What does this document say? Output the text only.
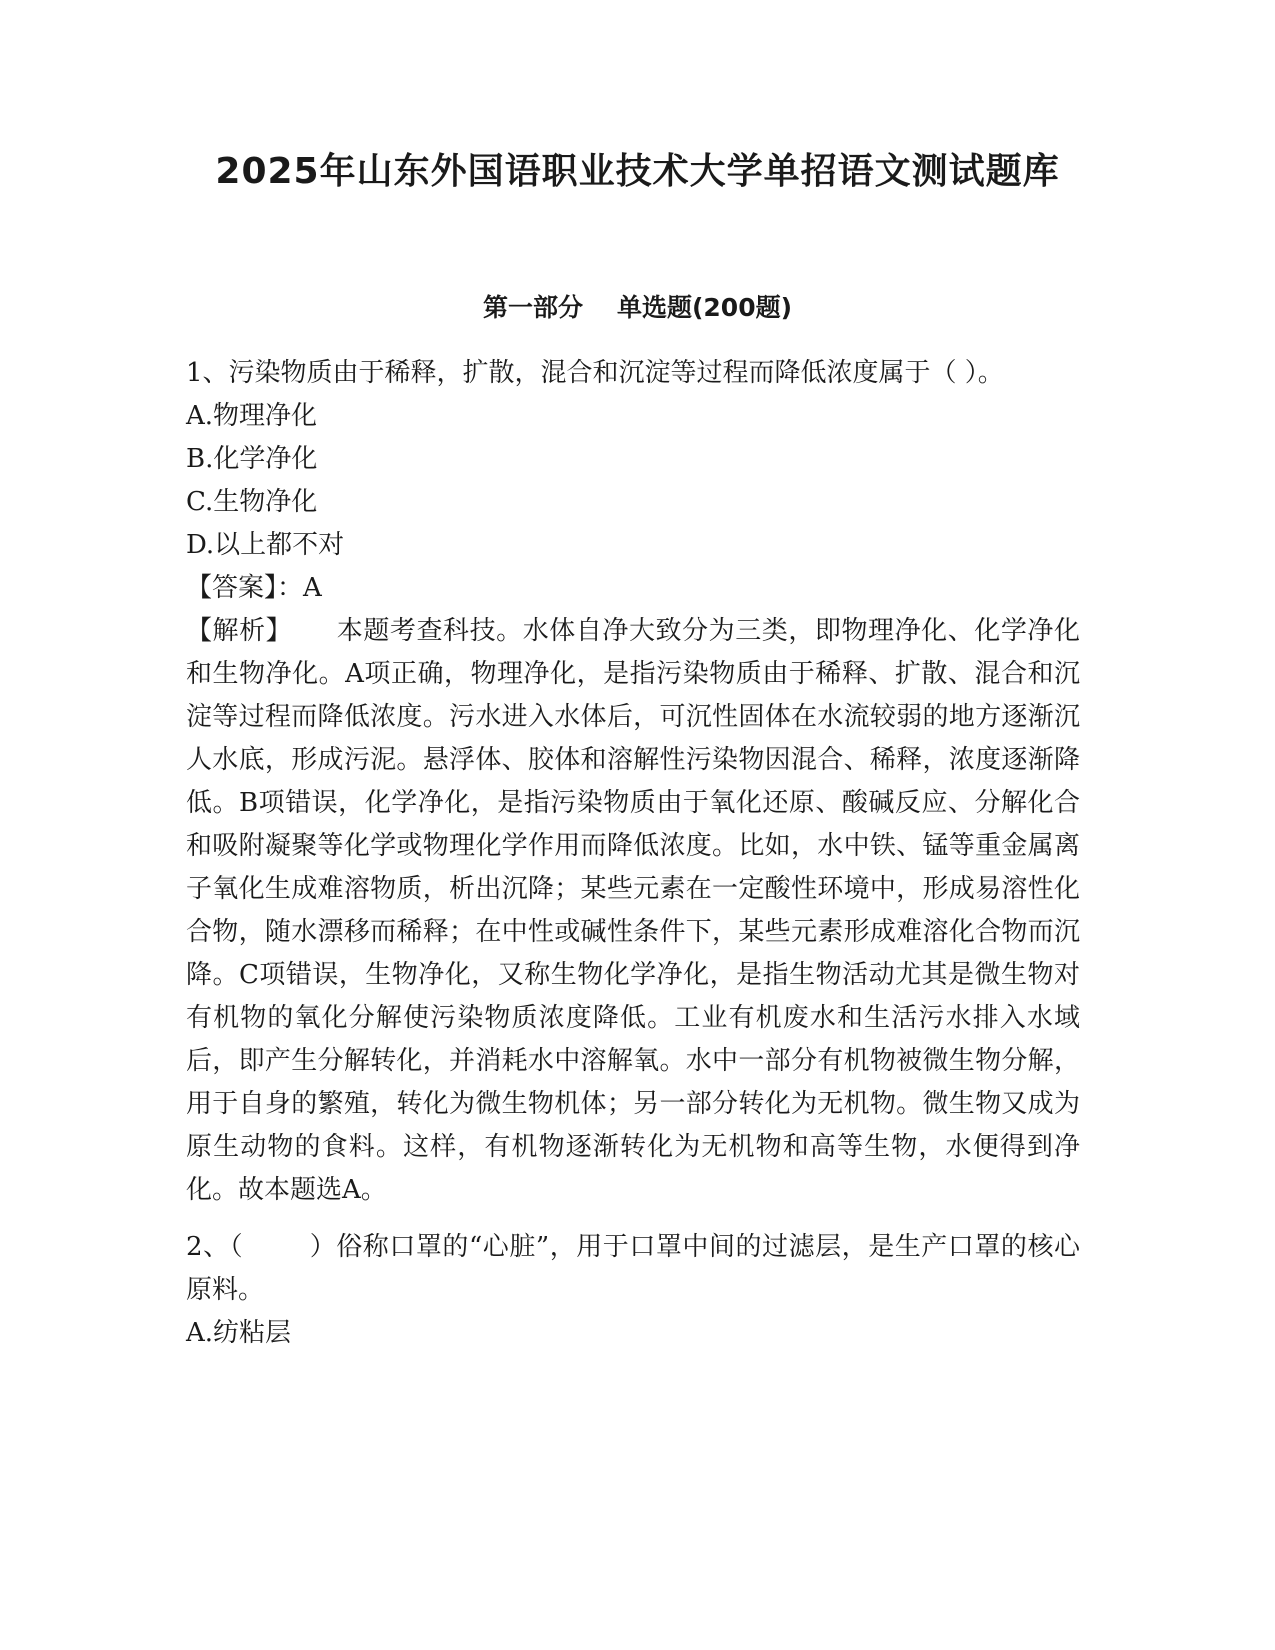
2025年山东外国语职业技术大学单招语文测试题库
第一部分 单选题(200题)

1、污染物质由于稀释，扩散，混合和沉淀等过程而降低浓度属于（ ）。

A.物理净化

B.化学净化

C.生物净化

D.以上都不对

【答案】：A

【解析】 本题考查科技。水体自净大致分为三类，即物理净化、化学净化和生物净化。A项正确，物理净化，是指污染物质由于稀释、扩散、混合和沉淀等过程而降低浓度。污水进入水体后，可沉性固体在水流较弱的地方逐渐沉人水底，形成污泥。悬浮体、胶体和溶解性污染物因混合、稀释，浓度逐渐降低。B项错误，化学净化，是指污染物质由于氧化还原、酸碱反应、分解化合和吸附凝聚等化学或物理化学作用而降低浓度。比如，水中铁、锰等重金属离子氧化生成难溶物质，析出沉降；某些元素在一定酸性环境中，形成易溶性化合物，随水漂移而稀释；在中性或碱性条件下，某些元素形成难溶化合物而沉降。C项错误，生物净化，又称生物化学净化，是指生物活动尤其是微生物对有机物的氧化分解使污染物质浓度降低。工业有机废水和生活污水排入水域后，即产生分解转化，并消耗水中溶解氧。水中一部分有机物被微生物分解，用于自身的繁殖，转化为微生物机体；另一部分转化为无机物。微生物又成为原生动物的食料。这样，有机物逐渐转化为无机物和高等生物，水便得到净化。故本题选A。

2、（	）俗称口罩的“心脏”，用于口罩中间的过滤层，是生产口罩的核心原料。

A.纺粘层
